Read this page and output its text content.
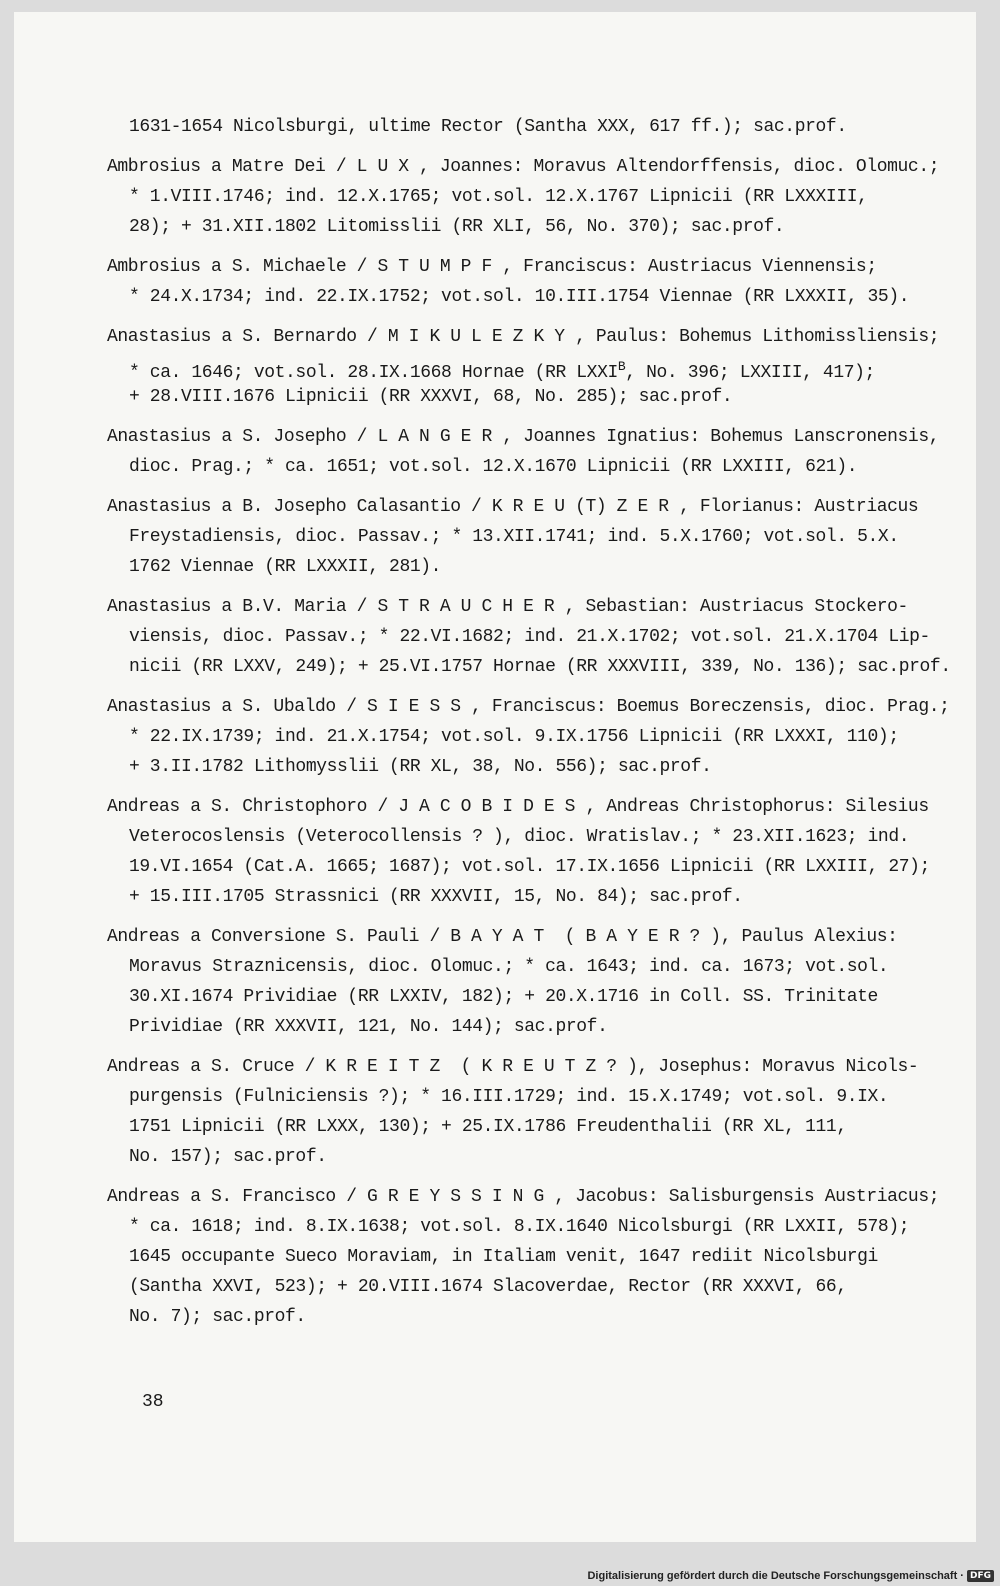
1631-1654 Nicolsburgi, ultime Rector (Santha XXX, 617 ff.); sac.prof.
Ambrosius a Matre Dei / L U X , Joannes: Moravus Altendorffensis, dioc. Olomuc.;
* 1.VIII.1746; ind. 12.X.1765; vot.sol. 12.X.1767 Lipnicii (RR LXXXIII,
28); + 31.XII.1802 Litomisslii (RR XLI, 56, No. 370); sac.prof.
Ambrosius a S. Michaele / S T U M P F , Franciscus: Austriacus Viennensis;
* 24.X.1734; ind. 22.IX.1752; vot.sol. 10.III.1754 Viennae (RR LXXXII, 35).
Anastasius a S. Bernardo / M I K U L E Z K Y , Paulus: Bohemus Lithomissliensis;
* ca. 1646; vot.sol. 28.IX.1668 Hornae (RR $LXXI^B$, No. 396; LXXIII, 417);
+ 28.VIII.1676 Lipnicii (RR XXXVI, 68, No. 285); sac.prof.
Anastasius a S. Josepho / L A N G E R , Joannes Ignatius: Bohemus Lanscronensis,
dioc. Prag.; * ca. 1651; vot.sol. 12.X.1670 Lipnicii (RR LXXIII, 621).
Anastasius a B. Josepho Calasantio / K R E U (T) Z E R , Florianus: Austriacus
Freystadiensis, dioc. Passav.; * 13.XII.1741; ind. 5.X.1760; vot.sol. 5.X.
1762 Viennae (RR LXXXII, 281).
Anastasius a B.V. Maria / S T R A U C H E R , Sebastian: Austriacus Stockero-
viensis, dioc. Passav.; * 22.VI.1682; ind. 21.X.1702; vot.sol. 21.X.1704 Lip-
nicii (RR LXXV, 249); + 25.VI.1757 Hornae (RR XXXVIII, 339, No. 136); sac.prof.
Anastasius a S. Ubaldo / S I E S S , Franciscus: Boemus Boreczensis, dioc. Prag.;
* 22.IX.1739; ind. 21.X.1754; vot.sol. 9.IX.1756 Lipnicii (RR LXXXI, 110);
+ 3.II.1782 Lithomysslii (RR XL, 38, No. 556); sac.prof.
Andreas a S. Christophoro / J A C O B I D E S , Andreas Christophorus: Silesius
Veterocoslensis (Veterocollensis ? ), dioc. Wratislav.; * 23.XII.1623; ind.
19.VI.1654 (Cat.A. 1665; 1687); vot.sol. 17.IX.1656 Lipnicii (RR LXXIII, 27);
+ 15.III.1705 Strassnici (RR XXXVII, 15, No. 84); sac.prof.
Andreas a Conversione S. Pauli / B A Y A T  ( B A Y E R ? ), Paulus Alexius:
Moravus Straznicensis, dioc. Olomuc.; * ca. 1643; ind. ca. 1673; vot.sol.
30.XI.1674 Prividiae (RR LXXIV, 182); + 20.X.1716 in Coll. SS. Trinitate
Prividiae (RR XXXVII, 121, No. 144); sac.prof.
Andreas a S. Cruce / K R E I T Z  ( K R E U T Z ? ), Josephus: Moravus Nicols-
purgensis (Fulniciensis ?); * 16.III.1729; ind. 15.X.1749; vot.sol. 9.IX.
1751 Lipnicii (RR LXXX, 130); + 25.IX.1786 Freudenthalii (RR XL, 111,
No. 157); sac.prof.
Andreas a S. Francisco / G R E Y S S I N G , Jacobus: Salisburgensis Austriacus;
* ca. 1618; ind. 8.IX.1638; vot.sol. 8.IX.1640 Nicolsburgi (RR LXXII, 578);
1645 occupante Sueco Moraviam, in Italiam venit, 1647 rediit Nicolsburgi
(Santha XXVI, 523); + 20.VIII.1674 Slacoverdae, Rector (RR XXXVI, 66,
No. 7); sac.prof.
38
Digitalisierung gefördert durch die Deutsche Forschungsgemeinschaft · DFG
